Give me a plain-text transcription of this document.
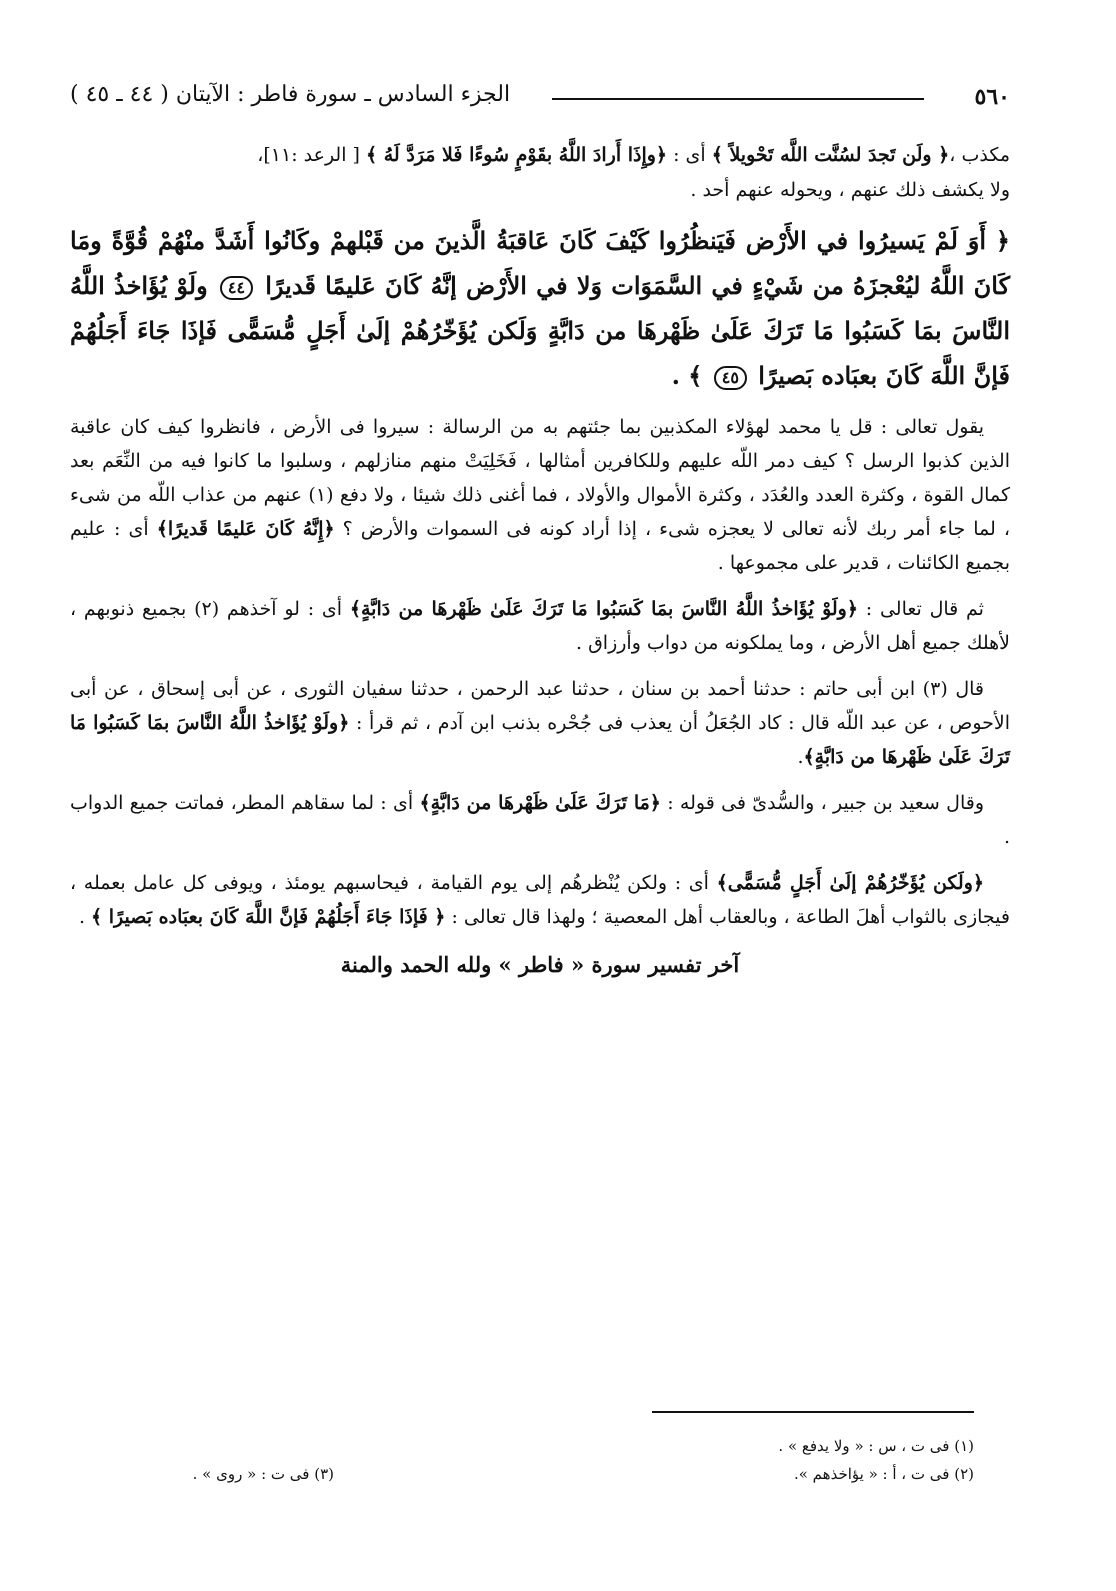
٥٦٠
الجزء السادس ـ سورة فاطر : الآيتان ( ٤٤ ـ ٤٥ )

مكذب ،﴿ ولَن تَجدَ لسُنَّت اللَّه تَحْويلاً ﴾ أى : ﴿وإِذَا أَرادَ اللَّهُ بقَوْمٍ سُوءًا فَلا مَرَدَّ لَهُ ﴾ [ الرعد :١١]،
ولا يكشف ذلك عنهم ، ويحوله عنهم أحد .

﴿ أَوَ لَمْ يَسيرُوا في الأَرْض فَيَنظُرُوا كَيْفَ كَانَ عَاقبَةُ الَّذينَ من قَبْلهمْ وكَانُوا أَشَدَّ منْهُمْ قُوَّةً ومَا كَانَ اللَّهُ ليُعْجزَهُ من شَيْءٍ في السَّمَوَات وَلا في الأَرْض إنَّهُ كَانَ عَليمًا قَديرًا ٤٤ ولَوْ يُؤَاخذُ اللَّهُ النَّاسَ بمَا كَسَبُوا مَا تَرَكَ عَلَىٰ ظَهْرهَا من دَابَّةٍ وَلَكن يُؤَخّرُهُمْ إلَىٰ أَجَلٍ مُّسَمًّى فَإذَا جَاءَ أَجَلُهُمْ فَإنَّ اللَّهَ كَانَ بعبَاده بَصيرًا ٤٥ ﴾ .

يقول تعالى : قل يا محمد لهؤلاء المكذبين بما جئتهم به من الرسالة : سيروا فى الأرض ، فانظروا كيف كان عاقبة الذين كذبوا الرسل ؟ كيف دمر اللّه عليهم وللكافرين أمثالها ، فَخَلِيَتْ منهم منازلهم ، وسلبوا ما كانوا فيه من النِّعَم بعد كمال القوة ، وكثرة العدد والعُدَد ، وكثرة الأموال والأولاد ، فما أغنى ذلك شيئا ، ولا دفع (١) عنهم من عذاب اللّه من شىء ، لما جاء أمر ربك لأنه تعالى لا يعجزه شىء ، إذا أراد كونه فى السموات والأرض ؟ ﴿إِنَّهُ كَانَ عَليمًا قَديرًا﴾ أى : عليم بجميع الكائنات ، قدير على مجموعها .

ثم قال تعالى : ﴿ولَوْ يُؤَاخذُ اللَّهُ النَّاسَ بمَا كَسَبُوا مَا تَرَكَ عَلَىٰ ظَهْرهَا من دَابَّةٍ﴾ أى : لو آخذهم (٢) بجميع ذنوبهم ، لأهلك جميع أهل الأرض ، وما يملكونه من دواب وأرزاق .

قال (٣) ابن أبى حاتم : حدثنا أحمد بن سنان ، حدثنا عبد الرحمن ، حدثنا سفيان الثورى ، عن أبى إسحاق ، عن أبى الأحوص ، عن عبد اللّه قال : كاد الجُعَلُ أن يعذب فى جُحْره بذنب ابن آدم ، ثم قرأ : ﴿ولَوْ يُؤَاخذُ اللَّهُ النَّاسَ بمَا كَسَبُوا مَا تَرَكَ عَلَىٰ ظَهْرهَا من دَابَّةٍ﴾.

وقال سعيد بن جبير ، والسُّدىّ فى قوله : ﴿مَا تَرَكَ عَلَىٰ ظَهْرهَا من دَابَّةٍ﴾ أى : لما سقاهم المطر، فماتت جميع الدواب .

﴿ولَكن يُؤَخّرُهُمْ إلَىٰ أَجَلٍ مُّسَمًّى﴾ أى : ولكن يُنْظرهُم إلى يوم القيامة ، فيحاسبهم يومئذ ، ويوفى كل عامل بعمله ، فيجازى بالثواب أهلَ الطاعة ، وبالعقاب أهل المعصية ؛ ولهذا قال تعالى : ﴿ فَإذَا جَاءَ أَجَلُهُمْ فَإنَّ اللَّهَ كَانَ بعبَاده بَصيرًا ﴾ .

آخر تفسير سورة « فاطر » ولله الحمد والمنة

(١) فى ت ، س : « ولا يدفع » .
(٢) فى ت ، أ : « يؤاخذهم ».
(٣) فى ت : « روى » .
